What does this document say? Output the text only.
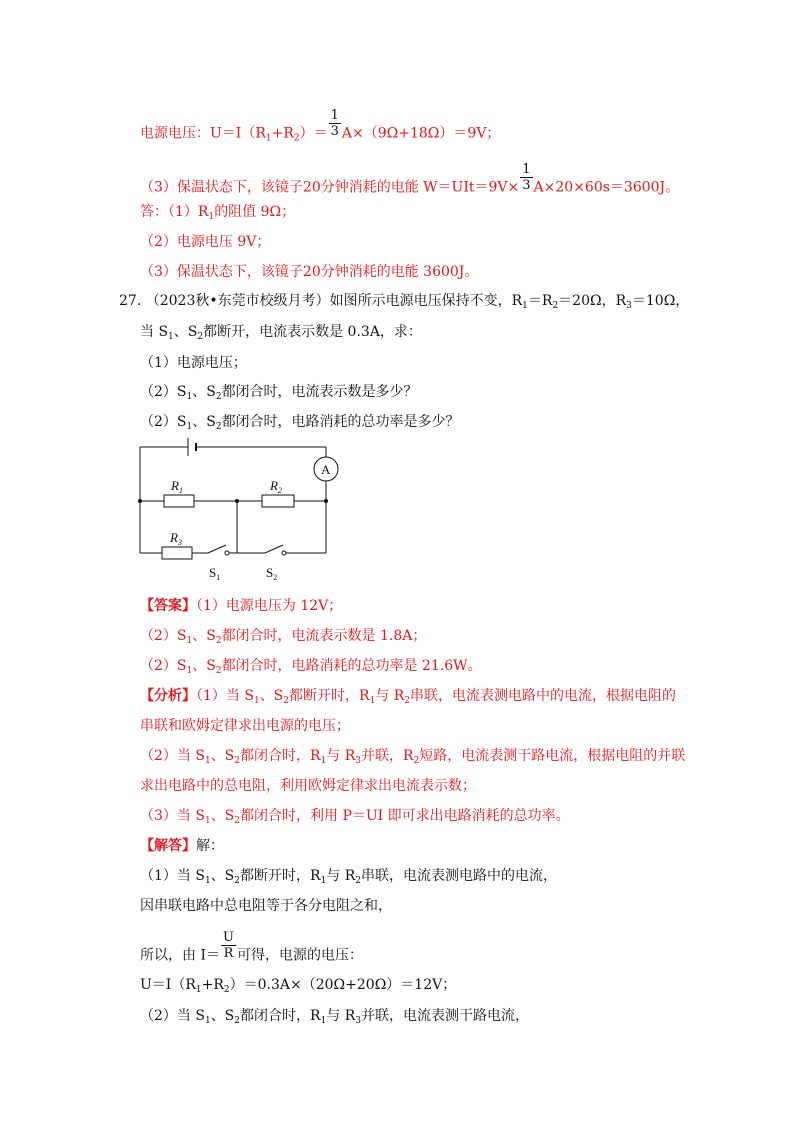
电源电压：$U=I(R_1+R_2)= \frac{1}{3} A\times(9\Omega+18\Omega)=9V$；
（3）保温状态下，该镜子20分钟消耗的电能 $W=UIt=9V\times \frac{1}{3} A\times 20\times 60s=3600J$。
答：$(1)R_1$的阻值 9Ω；
（2）电源电压 9V；
（3）保温状态下，该镜子20分钟消耗的电能 3600J。
27. （2023秋•东莞市校级月考）如图所示电源电压保持不变，$R_1=R_2=20\Omega$，$R_3=10\Omega$，
当 $S_1$、$S_2$都断开，电流表示数是 0.3A，求：
（1）电源电压；
$(2)S_1$、$S_2$都闭合时，电流表示数是多少？
$(2)S_1$、$S_2$都闭合时，电路消耗的总功率是多少？
A
$R_1$	$R_2$
$R_3$
$S_1$	$S_2$
【答案】（1）电源电压为 12V；
$(2)S_1$、$S_2$都闭合时，电流表示数是 1.8A；
$(2)S_1$、$S_2$都闭合时，电路消耗的总功率是 21.6W。
【分析】（1）当 $S_1$、$S_2$都断开时，$R_1$与 $R_2$串联，电流表测电路中的电流，根据电阻的
串联和欧姆定律求出电源的电压；
（2）当 $S_1$、$S_2$都闭合时，$R_1$与 $R_3$并联，$R_2$短路，电流表测干路电流，根据电阻的并联
求出电路中的总电阻，利用欧姆定律求出电流表示数；
（3）当 $S_1$、$S_2$都闭合时，利用 P＝UI 即可求出电路消耗的总功率。
【解答】解：
（1）当 $S_1$、$S_2$都断开时，$R_1$与 $R_2$串联，电流表测电路中的电流，
因串联电路中总电阻等于各分电阻之和，
所以，由 $I= \frac{U}{R}$ 可得，电源的电压：
$U=I(R_1+R_2)=0.3A\times(20\Omega+20\Omega)=12V$；
（2）当 $S_1$、$S_2$都闭合时，$R_1$与 $R_3$并联，电流表测干路电流，
